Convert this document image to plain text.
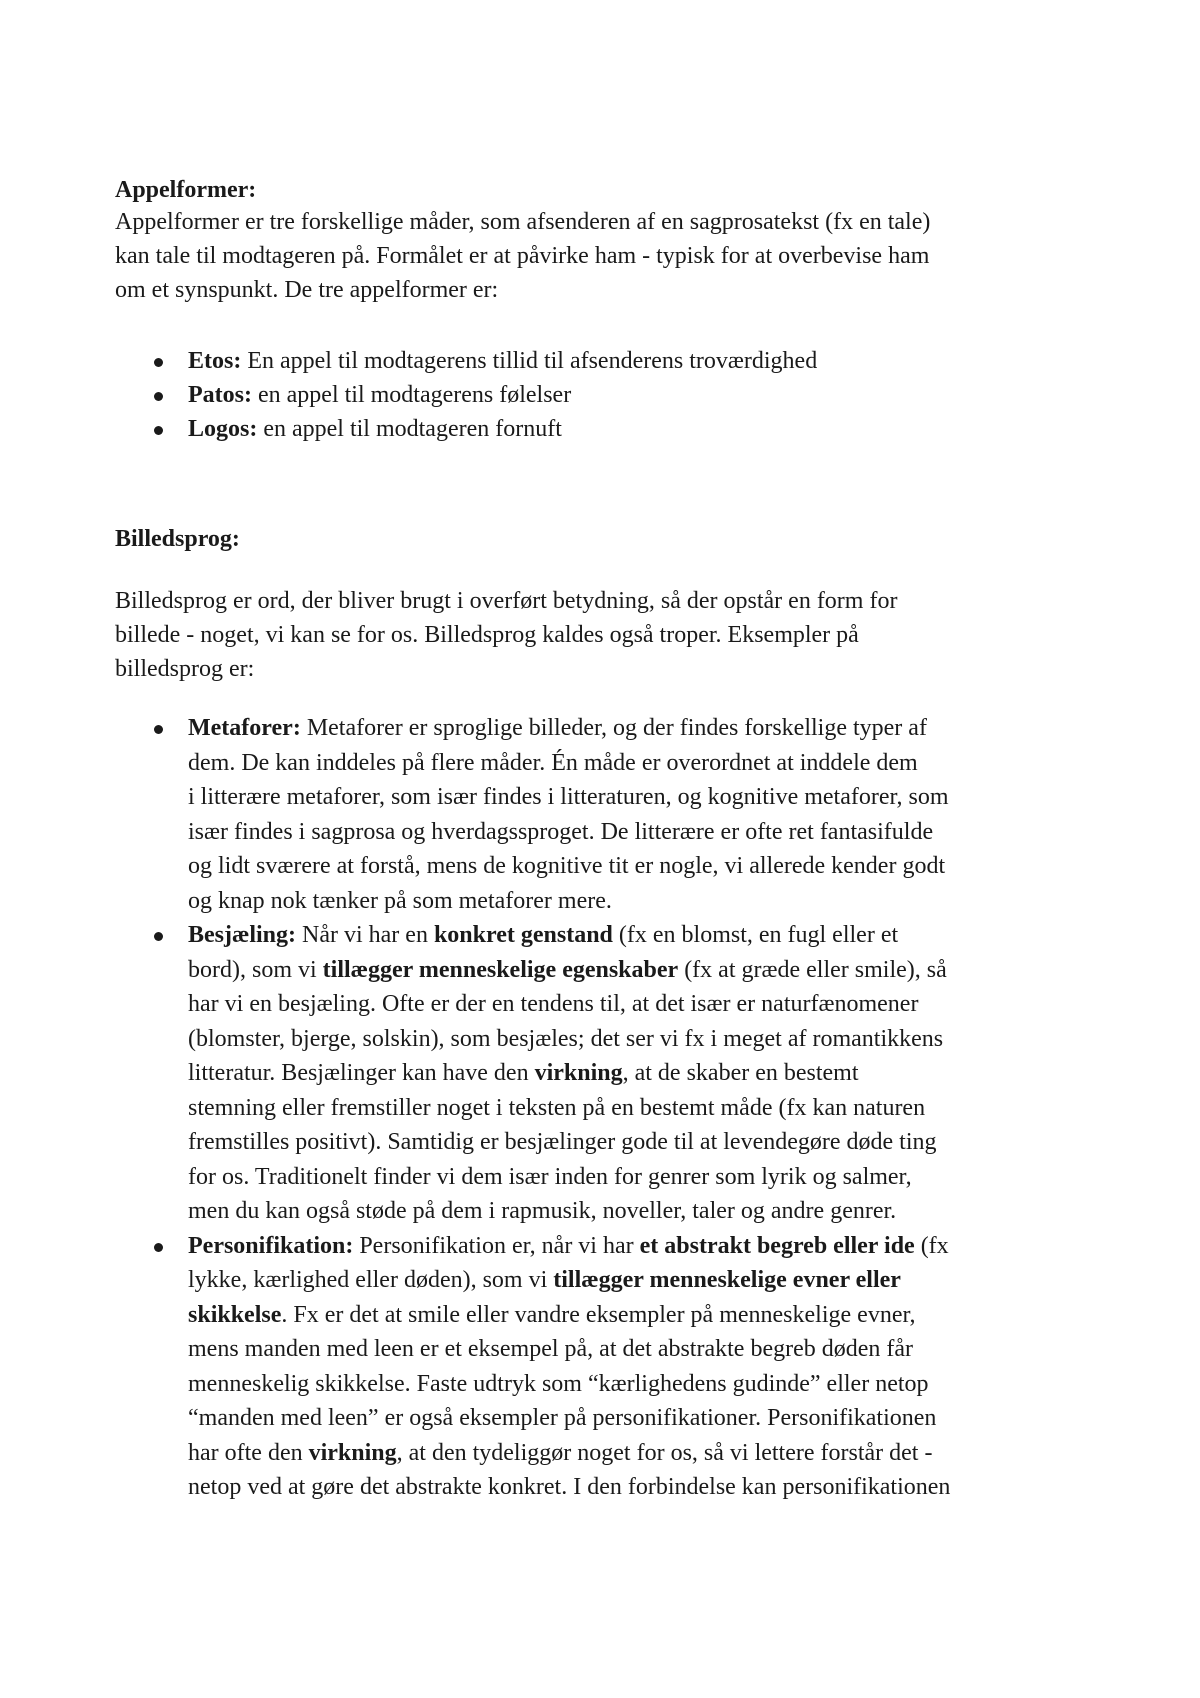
Appelformer:

Appelformer er tre forskellige måder, som afsenderen af en sagprosatekst (fx en tale)

kan tale til modtageren på. Formålet er at påvirke ham - typisk for at overbevise ham

om et synspunkt. De tre appelformer er:

Etos: En appel til modtagerens tillid til afsenderens troværdighed
Patos: en appel til modtagerens følelser
Logos: en appel til modtageren fornuft

Billedsprog:

Billedsprog er ord, der bliver brugt i overført betydning, så der opstår en form for

billede - noget, vi kan se for os. Billedsprog kaldes også troper. Eksempler på

billedsprog er:

Metaforer: Metaforer er sproglige billeder, og der findes forskellige typer af
dem. De kan inddeles på flere måder. Én måde er overordnet at inddele dem
i litterære metaforer, som især findes i litteraturen, og kognitive metaforer, som
især findes i sagprosa og hverdagssproget. De litterære er ofte ret fantasifulde
og lidt sværere at forstå, mens de kognitive tit er nogle, vi allerede kender godt
og knap nok tænker på som metaforer mere.
Besjæling: Når vi har en konkret genstand (fx en blomst, en fugl eller et
bord), som vi tillægger menneskelige egenskaber (fx at græde eller smile), så
har vi en besjæling. Ofte er der en tendens til, at det især er naturfænomener
(blomster, bjerge, solskin), som besjæles; det ser vi fx i meget af romantikkens
litteratur. Besjælinger kan have den virkning, at de skaber en bestemt
stemning eller fremstiller noget i teksten på en bestemt måde (fx kan naturen
fremstilles positivt). Samtidig er besjælinger gode til at levendegøre døde ting
for os. Traditionelt finder vi dem især inden for genrer som lyrik og salmer,
men du kan også støde på dem i rapmusik, noveller, taler og andre genrer.
Personifikation: Personifikation er, når vi har et abstrakt begreb eller ide (fx
lykke, kærlighed eller døden), som vi tillægger menneskelige evner eller
skikkelse. Fx er det at smile eller vandre eksempler på menneskelige evner,
mens manden med leen er et eksempel på, at det abstrakte begreb døden får
menneskelig skikkelse. Faste udtryk som “kærlighedens gudinde” eller netop
“manden med leen” er også eksempler på personifikationer. Personifikationen
har ofte den virkning, at den tydeliggør noget for os, så vi lettere forstår det -
netop ved at gøre det abstrakte konkret. I den forbindelse kan personifikationen
